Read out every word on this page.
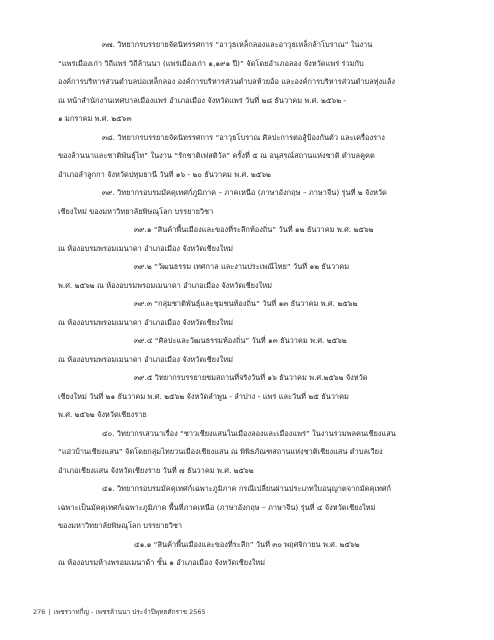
๓๗. วิทยากรบรรยายจัดนิทรรศการ “อาวุธเหล็กลองและอาวุธเหล็กล้าโบราณ” ในงาน
“แพร่เมืองเก่า วิถีแพร่ วิถีล้านนา (แพร่เมืองเก่า ๑,๑๙๑ ปี)” จัดโดยอำเภอลอง จังหวัดแพร่ ร่วมกับ
องค์การบริหารส่วนตำบลบ่อเหล็กลอง องค์การบริหารส่วนตำบลห้วยอ้อ และองค์การบริหารส่วนตำบลทุ่งแล้ง
ณ หน้าสำนักงานเทศบาลเมืองแพร่ อำเภอเมือง จังหวัดแพร่ วันที่ ๒๘ ธันวาคม พ.ศ. ๒๕๖๒ -
๑ มกราคม พ.ศ. ๒๕๖๓
๓๘. วิทยากรบรรยายจัดนิทรรศการ “อาวุธโบราณ ศิลปะการต่อสู้ป้องกันตัว และเครื่องราง
ของล้านนาและชาติพันธุ์ไท” ในงาน “รักชาติเฟสติวัล” ครั้งที่ ๕ ณ อนุสรณ์สถานแห่งชาติ ตำบลคูคต
อำเภอลำลูกกา จังหวัดปทุมธานี วันที่ ๑๖ - ๒๐ ธันวาคม พ.ศ. ๒๕๖๒
๓๙. วิทยากรอบรมมัคคุเทศก์ภูมิภาค – ภาคเหนือ (ภาษาอังกฤษ – ภาษาจีน) รุ่นที่ ๒ จังหวัด
เชียงใหม่ ของมหาวิทยาลัยพิษณุโลก บรรยายวิชา
๓๙.๑ “สินค้าพื้นเมืองและของที่ระลึกท้องถิ่น” วันที่ ๑๒ ธันวาคม พ.ศ. ๒๕๖๒
ณ ห้องอบรมพรอมเมนาดา อำเภอเมือง จังหวัดเชียงใหม่
๓๙.๒ “วัฒนธรรม เทศกาล และงานประเพณีไทย” วันที่ ๑๒ ธันวาคม
พ.ศ. ๒๕๖๒ ณ ห้องอบรมพรอมเมนาดา อำเภอเมือง จังหวัดเชียงใหม่
๓๙.๓ “กลุ่มชาติพันธุ์และชุมชนท้องถิ่น” วันที่ ๑๓ ธันวาคม พ.ศ. ๒๕๖๒
ณ ห้องอบรมพรอมเมนาดา อำเภอเมือง จังหวัดเชียงใหม่
๓๙.๔ “ศิลปะและวัฒนธรรมท้องถิ่น” วันที่ ๑๓ ธันวาคม พ.ศ. ๒๕๖๒
ณ ห้องอบรมพรอมเมนาดา อำเภอเมือง จังหวัดเชียงใหม่
๓๙.๕ วิทยากรบรรยายชมสถานที่จริงวันที่ ๑๖ ธันวาคม พ.ศ.๒๕๖๒ จังหวัด
เชียงใหม่ วันที่ ๒๑ ธันวาคม พ.ศ. ๒๕๖๒ จังหวัดลำพูน - ลำปาง - แพร่ และวันที่ ๒๕ ธันวาคม
พ.ศ. ๒๕๖๒ จังหวัดเชียงราย
๔๐. วิทยากรเสวนาเรื่อง “ชาวเชียงแสนในเมืองลองและเมืองแพร่” ในงานรวมพลคนเชียงแสน
“แอ่วบ้านเชียงแสน” จัดโดยกลุ่มไทยวนเมืองเชียงแสน ณ พิพิธภัณฑสถานแห่งชาติเชียงแสน ตำบลเวียง
อำเภอเชียงแสน จังหวัดเชียงราย วันที่ ๗ ธันวาคม พ.ศ. ๒๕๖๒
๔๑. วิทยากรอบรมมัคคุเทศก์เฉพาะภูมิภาค กรณีเปลี่ยนผ่านประเภทใบอนุญาตจากมัคคุเทศก์
เฉพาะเป็นมัคคุเทศก์เฉพาะภูมิภาค พื้นที่ภาคเหนือ (ภาษาอังกฤษ – ภาษาจีน) รุ่นที่ ๔ จังหวัดเชียงใหม่
ของมหาวิทยาลัยพิษณุโลก บรรยายวิชา
๔๑.๑ “สินค้าพื้นเมืองและของที่ระลึก” วันที่ ๓๐ พฤศจิกายน พ.ศ. ๒๕๖๒
ณ ห้องอบรมห้างพรอมเมนาด้า ชั้น ๑ อำเภอเมือง จังหวัดเชียงใหม่
276 | เพชรวาทกี่ญ - เพชรล้านนา ประจำปีพุทธศักราช 2565
